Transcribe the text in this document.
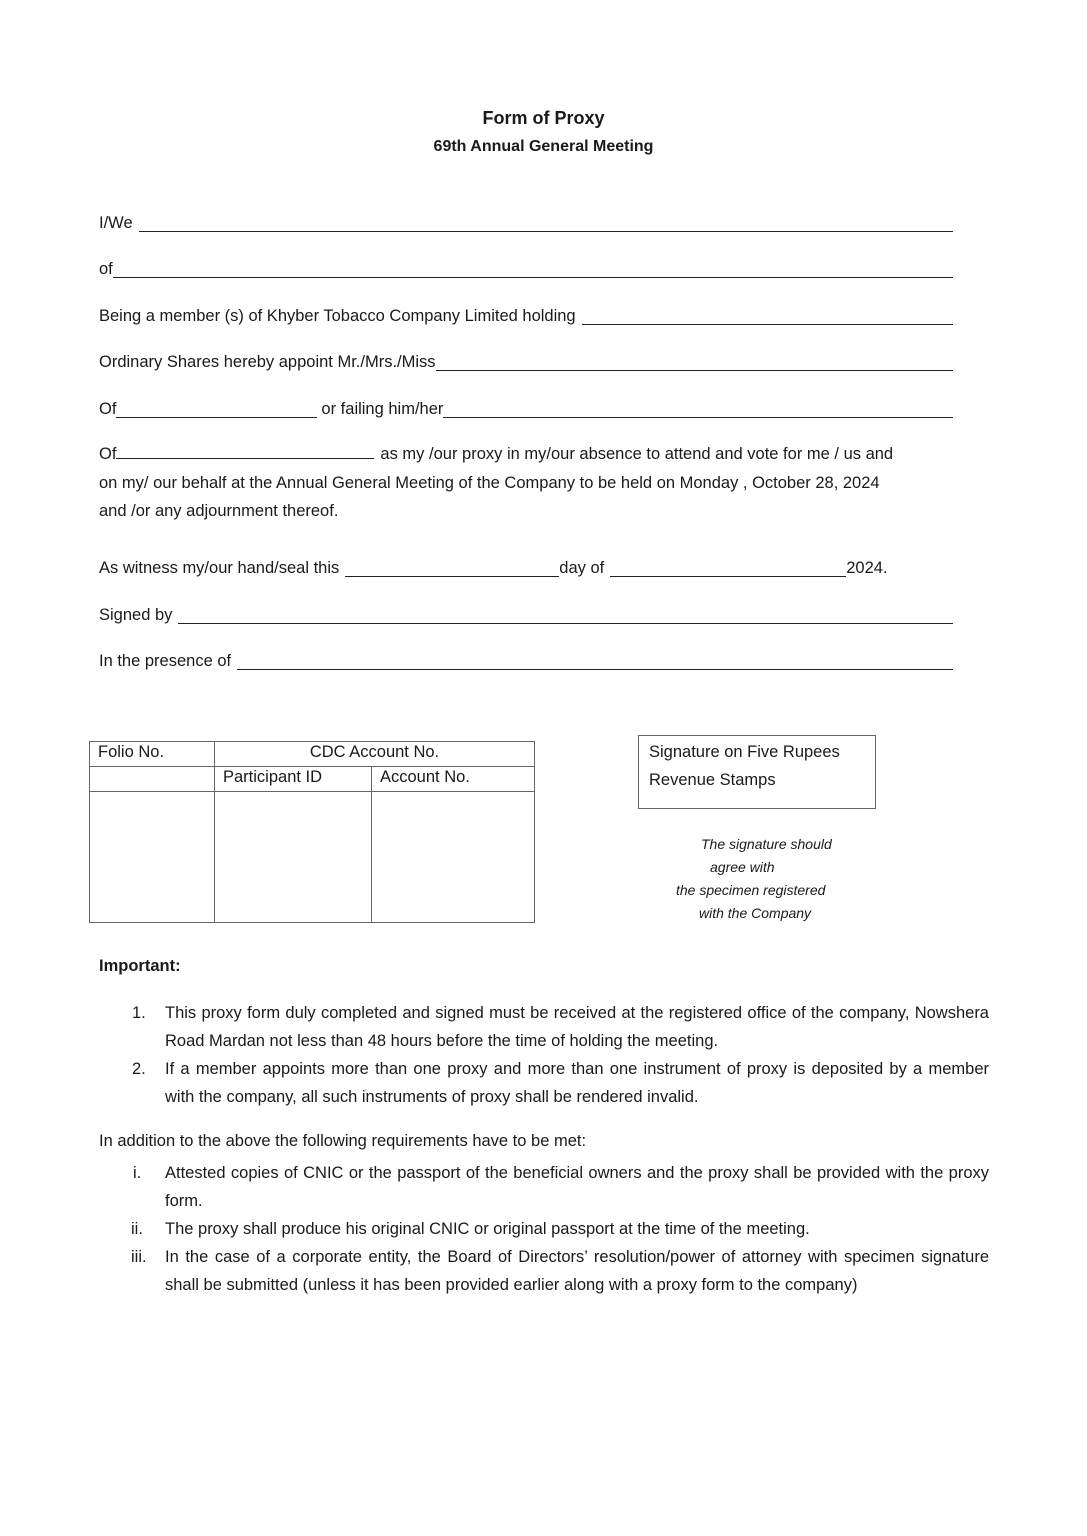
Form of Proxy
69th Annual General Meeting
I/We
of
Being a member (s) of Khyber Tobacco Company Limited holding
Ordinary Shares hereby appoint Mr./Mrs./Miss
Of	or failing him/her
Of	as my /our proxy in my/our absence to attend and vote for me / us and
on my/ our behalf at the Annual General Meeting of the Company to be held on Monday , October 28, 2024
and /or any adjournment thereof.
As witness my/our hand/seal this	day of	2024.
Signed by
In the presence of
Folio No.	CDC Account No.	
	Participant ID	Account No.

Signature on Five Rupees
Revenue Stamps
The signature should
agree with
the specimen registered
with the Company
Important:
1.	This proxy form duly completed and signed must be received at the registered office of the company, Nowshera Road Mardan not less than 48 hours before the time of holding the meeting.
2.	If a member appoints more than one proxy and more than one instrument of proxy is deposited by a member with the company, all such instruments of proxy shall be rendered invalid.
In addition to the above the following requirements have to be met:
i.	Attested copies of CNIC or the passport of the beneficial owners and the proxy shall be provided with the proxy form.
ii.	The proxy shall produce his original CNIC or original passport at the time of the meeting.
iii.	In the case of a corporate entity, the Board of Directors’ resolution/power of attorney with specimen signature shall be submitted (unless it has been provided earlier along with a proxy form to the company)
